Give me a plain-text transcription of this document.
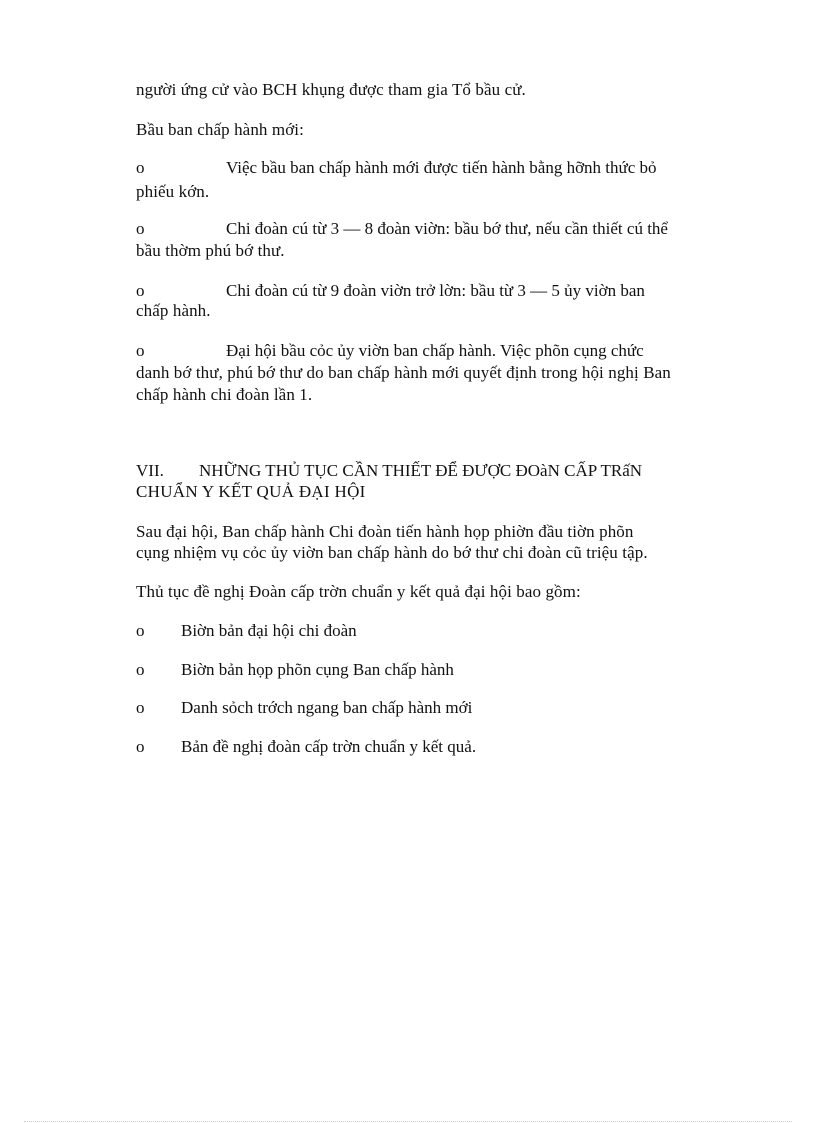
người ứng cử vào BCH khụng được tham gia Tổ bầu cử.
Bầu ban chấp hành mới:
o	Việc bầu ban chấp hành mới được tiến hành bằng hỡnh thức bỏ
phiếu kớn.
o	Chi đoàn cú từ 3 — 8 đoàn viờn: bầu bớ thư, nếu cần thiết cú thể
bầu thờm phú bớ thư.
o	Chi đoàn cú từ 9 đoàn viờn trở lờn: bầu từ 3 — 5 ủy viờn ban
chấp hành.
o	Đại hội bầu cỏc ủy viờn ban chấp hành. Việc phõn cụng chức
danh bớ thư, phú bớ thư do ban chấp hành mới quyết định trong hội nghị Ban
chấp hành chi đoàn lần 1.
VII. NHỮNG THỦ TỤC CẦN THIẾT ĐỂ ĐƯỢC ĐOàN CẤP TRấN
CHUẨN Y KẾT QUẢ ĐẠI HỘI
Sau đại hội, Ban chấp hành Chi đoàn tiến hành họp phiờn đầu tiờn phõn
cụng nhiệm vụ cỏc ủy viờn ban chấp hành do bớ thư chi đoàn cũ triệu tập.
Thủ tục đề nghị Đoàn cấp trờn chuẩn y kết quả đại hội bao gồm:
o Biờn bản đại hội chi đoàn
o Biờn bản họp phõn cụng Ban chấp hành
o Danh sỏch trớch ngang ban chấp hành mới
o Bản đề nghị đoàn cấp trờn chuẩn y kết quả.
